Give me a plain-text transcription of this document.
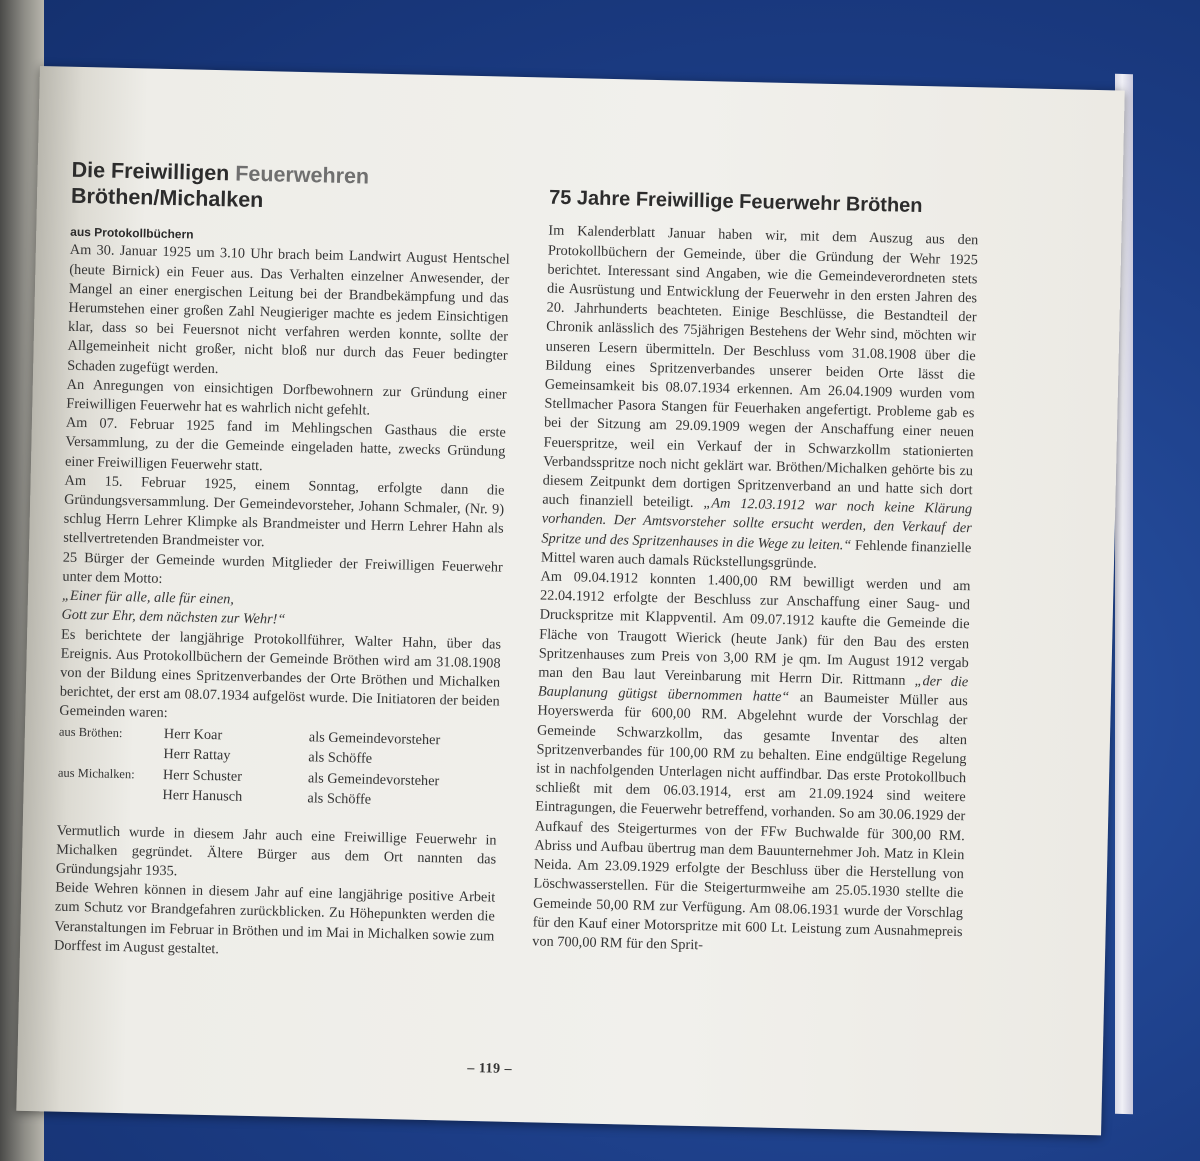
Die Freiwilligen Feuerwehren
Bröthen/Michalken
aus Protokollbüchern

Am 30. Januar 1925 um 3.10 Uhr brach beim Landwirt August Hentschel (heute Birnick) ein Feuer aus. Das Verhalten einzelner Anwesender, der Mangel an einer energischen Leitung bei der Brandbekämpfung und das Herumstehen einer großen Zahl Neugieriger machte es jedem Einsichtigen klar, dass so bei Feuersnot nicht verfahren werden konnte, sollte der Allgemeinheit nicht großer, nicht bloß nur durch das Feuer bedingter Schaden zugefügt werden.

An Anregungen von einsichtigen Dorfbewohnern zur Gründung einer Freiwilligen Feuerwehr hat es wahrlich nicht gefehlt.

Am 07. Februar 1925 fand im Mehlingschen Gasthaus die erste Versammlung, zu der die Gemeinde eingeladen hatte, zwecks Gründung einer Freiwilligen Feuerwehr statt.

Am 15. Februar 1925, einem Sonntag, erfolgte dann die Gründungsversammlung. Der Gemeindevorsteher, Johann Schmaler, (Nr. 9) schlug Herrn Lehrer Klimpke als Brandmeister und Herrn Lehrer Hahn als stellvertretenden Brandmeister vor.

25 Bürger der Gemeinde wurden Mitglieder der Freiwilligen Feuerwehr unter dem Motto:

„Einer für alle, alle für einen,

Gott zur Ehr, dem nächsten zur Wehr!“

Es berichtete der langjährige Protokollführer, Walter Hahn, über das Ereignis. Aus Protokollbüchern der Gemeinde Bröthen wird am 31.08.1908 von der Bildung eines Spritzenverbandes der Orte Bröthen und Michalken berichtet, der erst am 08.07.1934 aufgelöst wurde. Die Initiatoren der beiden Gemeinden waren:

aus Bröthen:	Herr Koar	als Gemeindevorsteher
	Herr Rattay	als Schöffe
aus Michalken:	Herr Schuster	als Gemeindevorsteher
	Herr Hanusch	als Schöffe

Vermutlich wurde in diesem Jahr auch eine Freiwillige Feuerwehr in Michalken gegründet. Ältere Bürger aus dem Ort nannten das Gründungsjahr 1935.

Beide Wehren können in diesem Jahr auf eine langjährige positive Arbeit zum Schutz vor Brandgefahren zurückblicken. Zu Höhepunkten werden die Veranstaltungen im Februar in Bröthen und im Mai in Michalken sowie zum Dorffest im August gestaltet.

75 Jahre Freiwillige Feuerwehr Bröthen

Im Kalenderblatt Januar haben wir, mit dem Auszug aus den Protokollbüchern der Gemeinde, über die Gründung der Wehr 1925 berichtet. Interessant sind Angaben, wie die Gemeindeverordneten stets die Ausrüstung und Entwicklung der Feuerwehr in den ersten Jahren des 20. Jahrhunderts beachteten. Einige Beschlüsse, die Bestandteil der Chronik anlässlich des 75jährigen Bestehens der Wehr sind, möchten wir unseren Lesern übermitteln. Der Beschluss vom 31.08.1908 über die Bildung eines Spritzenverbandes unserer beiden Orte lässt die Gemeinsamkeit bis 08.07.1934 erkennen. Am 26.04.1909 wurden vom Stellmacher Pasora Stangen für Feuerhaken angefertigt. Probleme gab es bei der Sitzung am 29.09.1909 wegen der Anschaffung einer neuen Feuerspritze, weil ein Verkauf der in Schwarzkollm stationierten Verbandsspritze noch nicht geklärt war. Bröthen/Michalken gehörte bis zu diesem Zeitpunkt dem dortigen Spritzenverband an und hatte sich dort auch finanziell beteiligt. „Am 12.03.1912 war noch keine Klärung vorhanden. Der Amtsvorsteher sollte ersucht werden, den Verkauf der Spritze und des Spritzenhauses in die Wege zu leiten.“ Fehlende finanzielle Mittel waren auch damals Rückstellungsgründe.

Am 09.04.1912 konnten 1.400,00 RM bewilligt werden und am 22.04.1912 erfolgte der Beschluss zur Anschaffung einer Saug- und Druckspritze mit Klappventil. Am 09.07.1912 kaufte die Gemeinde die Fläche von Traugott Wierick (heute Jank) für den Bau des ersten Spritzenhauses zum Preis von 3,00 RM je qm. Im August 1912 vergab man den Bau laut Vereinbarung mit Herrn Dir. Rittmann „der die Bauplanung gütigst übernommen hatte“ an Baumeister Müller aus Hoyerswerda für 600,00 RM. Abgelehnt wurde der Vorschlag der Gemeinde Schwarzkollm, das gesamte Inventar des alten Spritzenverbandes für 100,00 RM zu behalten. Eine endgültige Regelung ist in nachfolgenden Unterlagen nicht auffindbar. Das erste Protokollbuch schließt mit dem 06.03.1914, erst am 21.09.1924 sind weitere Eintragungen, die Feuerwehr betreffend, vorhanden. So am 30.06.1929 der Aufkauf des Steigerturmes von der FFw Buchwalde für 300,00 RM. Abriss und Aufbau übertrug man dem Bauunternehmer Joh. Matz in Klein Neida. Am 23.09.1929 erfolgte der Beschluss über die Herstellung von Löschwasserstellen. Für die Steigerturmweihe am 25.05.1930 stellte die Gemeinde 50,00 RM zur Verfügung. Am 08.06.1931 wurde der Vorschlag für den Kauf einer Motorspritze mit 600 Lt. Leistung zum Ausnahmepreis von 700,00 RM für den Sprit-

– 119 –
